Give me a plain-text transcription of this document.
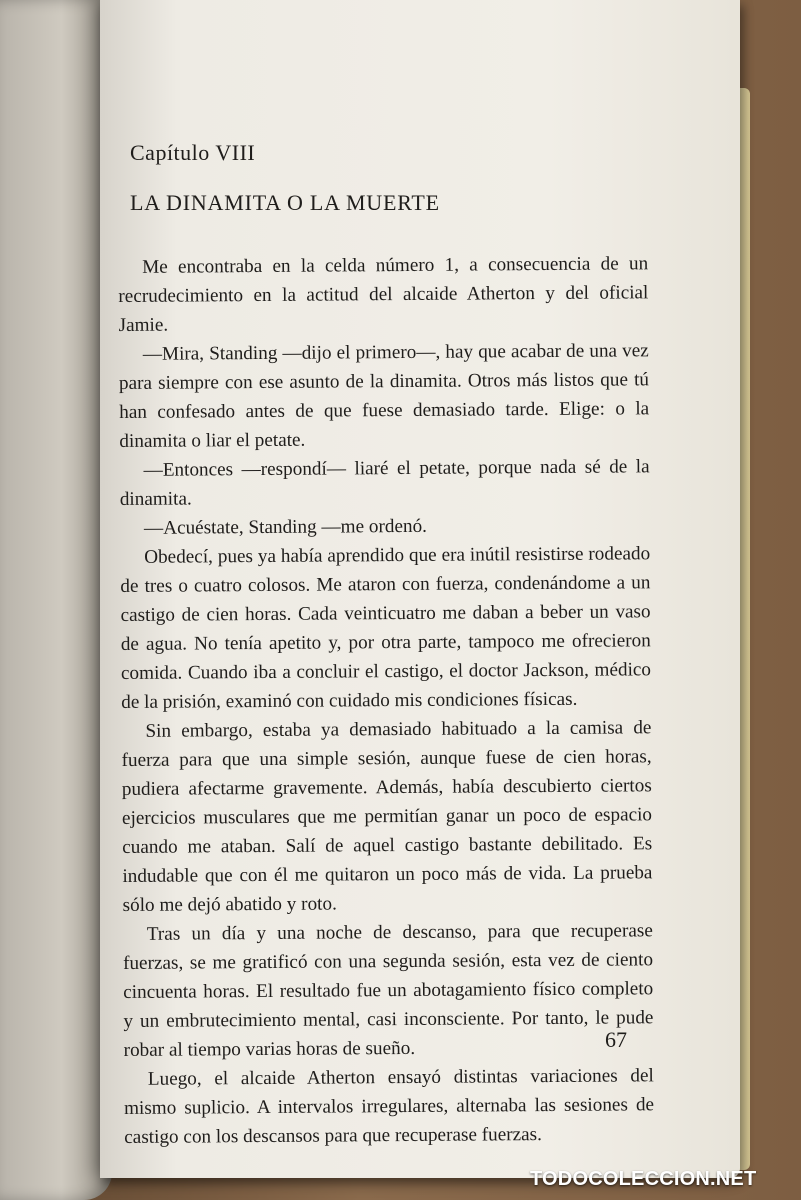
Capítulo VIII
LA DINAMITA O LA MUERTE

Me encontraba en la celda número 1, a consecuencia de un recrudecimiento en la actitud del alcaide Atherton y del oficial Jamie.

—Mira, Standing —dijo el primero—, hay que acabar de una vez para siempre con ese asunto de la dinamita. Otros más listos que tú han confesado antes de que fuese demasiado tarde. Elige: o la dinamita o liar el petate.

—Entonces —respondí— liaré el petate, porque nada sé de la dinamita.

—Acuéstate, Standing —me ordenó.

Obedecí, pues ya había aprendido que era inútil resistirse rodeado de tres o cuatro colosos. Me ataron con fuerza, condenándome a un castigo de cien horas. Cada veinticuatro me daban a beber un vaso de agua. No tenía apetito y, por otra parte, tampoco me ofrecieron comida. Cuando iba a concluir el castigo, el doctor Jackson, médico de la prisión, examinó con cuidado mis condiciones físicas.

Sin embargo, estaba ya demasiado habituado a la camisa de fuerza para que una simple sesión, aunque fuese de cien horas, pudiera afectarme gravemente. Además, había descubierto ciertos ejercicios musculares que me permitían ganar un poco de espacio cuando me ataban. Salí de aquel castigo bastante debilitado. Es indudable que con él me quitaron un poco más de vida. La prueba sólo me dejó abatido y roto.

Tras un día y una noche de descanso, para que recuperase fuerzas, se me gratificó con una segunda sesión, esta vez de ciento cincuenta horas. El resultado fue un abotagamiento físico completo y un embrutecimiento mental, casi inconsciente. Por tanto, le pude robar al tiempo varias horas de sueño.

Luego, el alcaide Atherton ensayó distintas variaciones del mismo suplicio. A intervalos irregulares, alternaba las sesiones de castigo con los descansos para que recuperase fuerzas.

67
TODOCOLECCION.NET
